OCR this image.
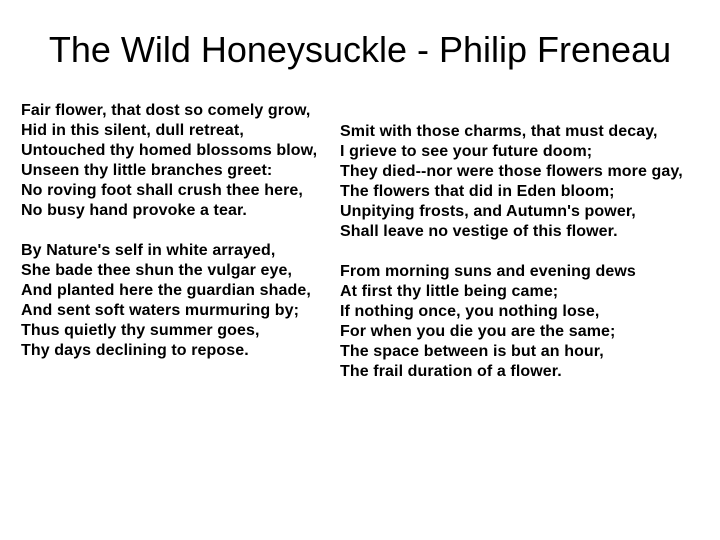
The Wild Honeysuckle - Philip Freneau
Fair flower, that dost so comely grow,
Hid in this silent, dull retreat,
Untouched thy homed blossoms blow,
Unseen thy little branches greet:
No roving foot shall crush thee here,
No busy hand provoke a tear.
By Nature's self in white arrayed,
She bade thee shun the vulgar eye,
And planted here the guardian shade,
And sent soft waters murmuring by;
Thus quietly thy summer goes,
Thy days declining to repose.
Smit with those charms, that must decay,
I grieve to see your future doom;
They died--nor were those flowers more gay,
The flowers that did in Eden bloom;
Unpitying frosts, and Autumn's power,
Shall leave no vestige of this flower.
From morning suns and evening dews
At first thy little being came;
If nothing once, you nothing lose,
For when you die you are the same;
The space between is but an hour,
The frail duration of a flower.
